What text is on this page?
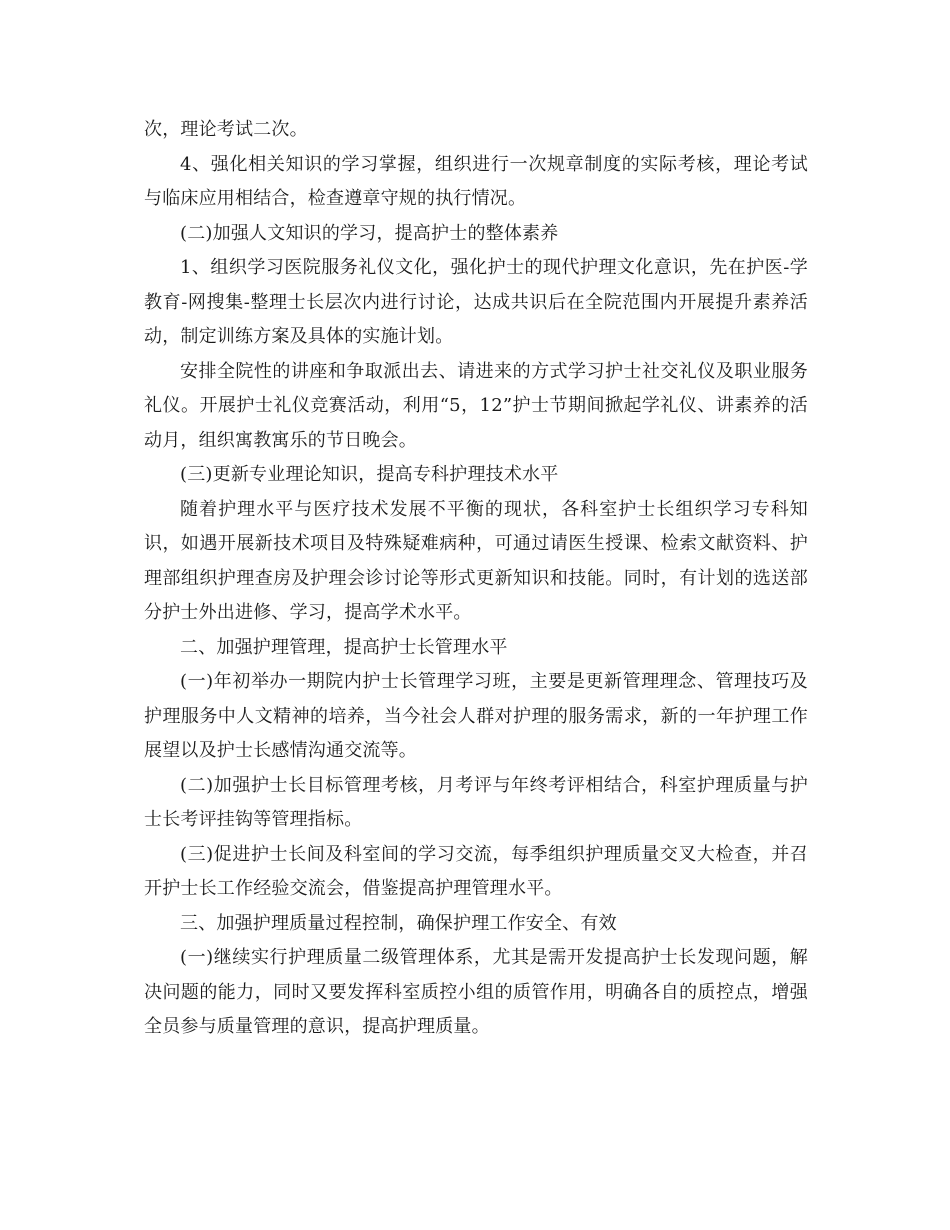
次，理论考试二次。

4、强化相关知识的学习掌握，组织进行一次规章制度的实际考核，理论考试与临床应用相结合，检查遵章守规的执行情况。

(二)加强人文知识的学习，提高护士的整体素养

1、组织学习医院服务礼仪文化，强化护士的现代护理文化意识，先在护医-学教育-网搜集-整理士长层次内进行讨论，达成共识后在全院范围内开展提升素养活动，制定训练方案及具体的实施计划。

安排全院性的讲座和争取派出去、请进来的方式学习护士社交礼仪及职业服务礼仪。开展护士礼仪竞赛活动，利用“5，12”护士节期间掀起学礼仪、讲素养的活动月，组织寓教寓乐的节日晚会。

(三)更新专业理论知识，提高专科护理技术水平

随着护理水平与医疗技术发展不平衡的现状，各科室护士长组织学习专科知识，如遇开展新技术项目及特殊疑难病种，可通过请医生授课、检索文献资料、护理部组织护理查房及护理会诊讨论等形式更新知识和技能。同时，有计划的选送部分护士外出进修、学习，提高学术水平。

二、加强护理管理，提高护士长管理水平

(一)年初举办一期院内护士长管理学习班，主要是更新管理理念、管理技巧及护理服务中人文精神的培养，当今社会人群对护理的服务需求，新的一年护理工作展望以及护士长感情沟通交流等。

(二)加强护士长目标管理考核，月考评与年终考评相结合，科室护理质量与护士长考评挂钩等管理指标。

(三)促进护士长间及科室间的学习交流，每季组织护理质量交叉大检查，并召开护士长工作经验交流会，借鉴提高护理管理水平。

三、加强护理质量过程控制，确保护理工作安全、有效

(一)继续实行护理质量二级管理体系，尤其是需开发提高护士长发现问题，解决问题的能力，同时又要发挥科室质控小组的质管作用，明确各自的质控点，增强全员参与质量管理的意识，提高护理质量。
